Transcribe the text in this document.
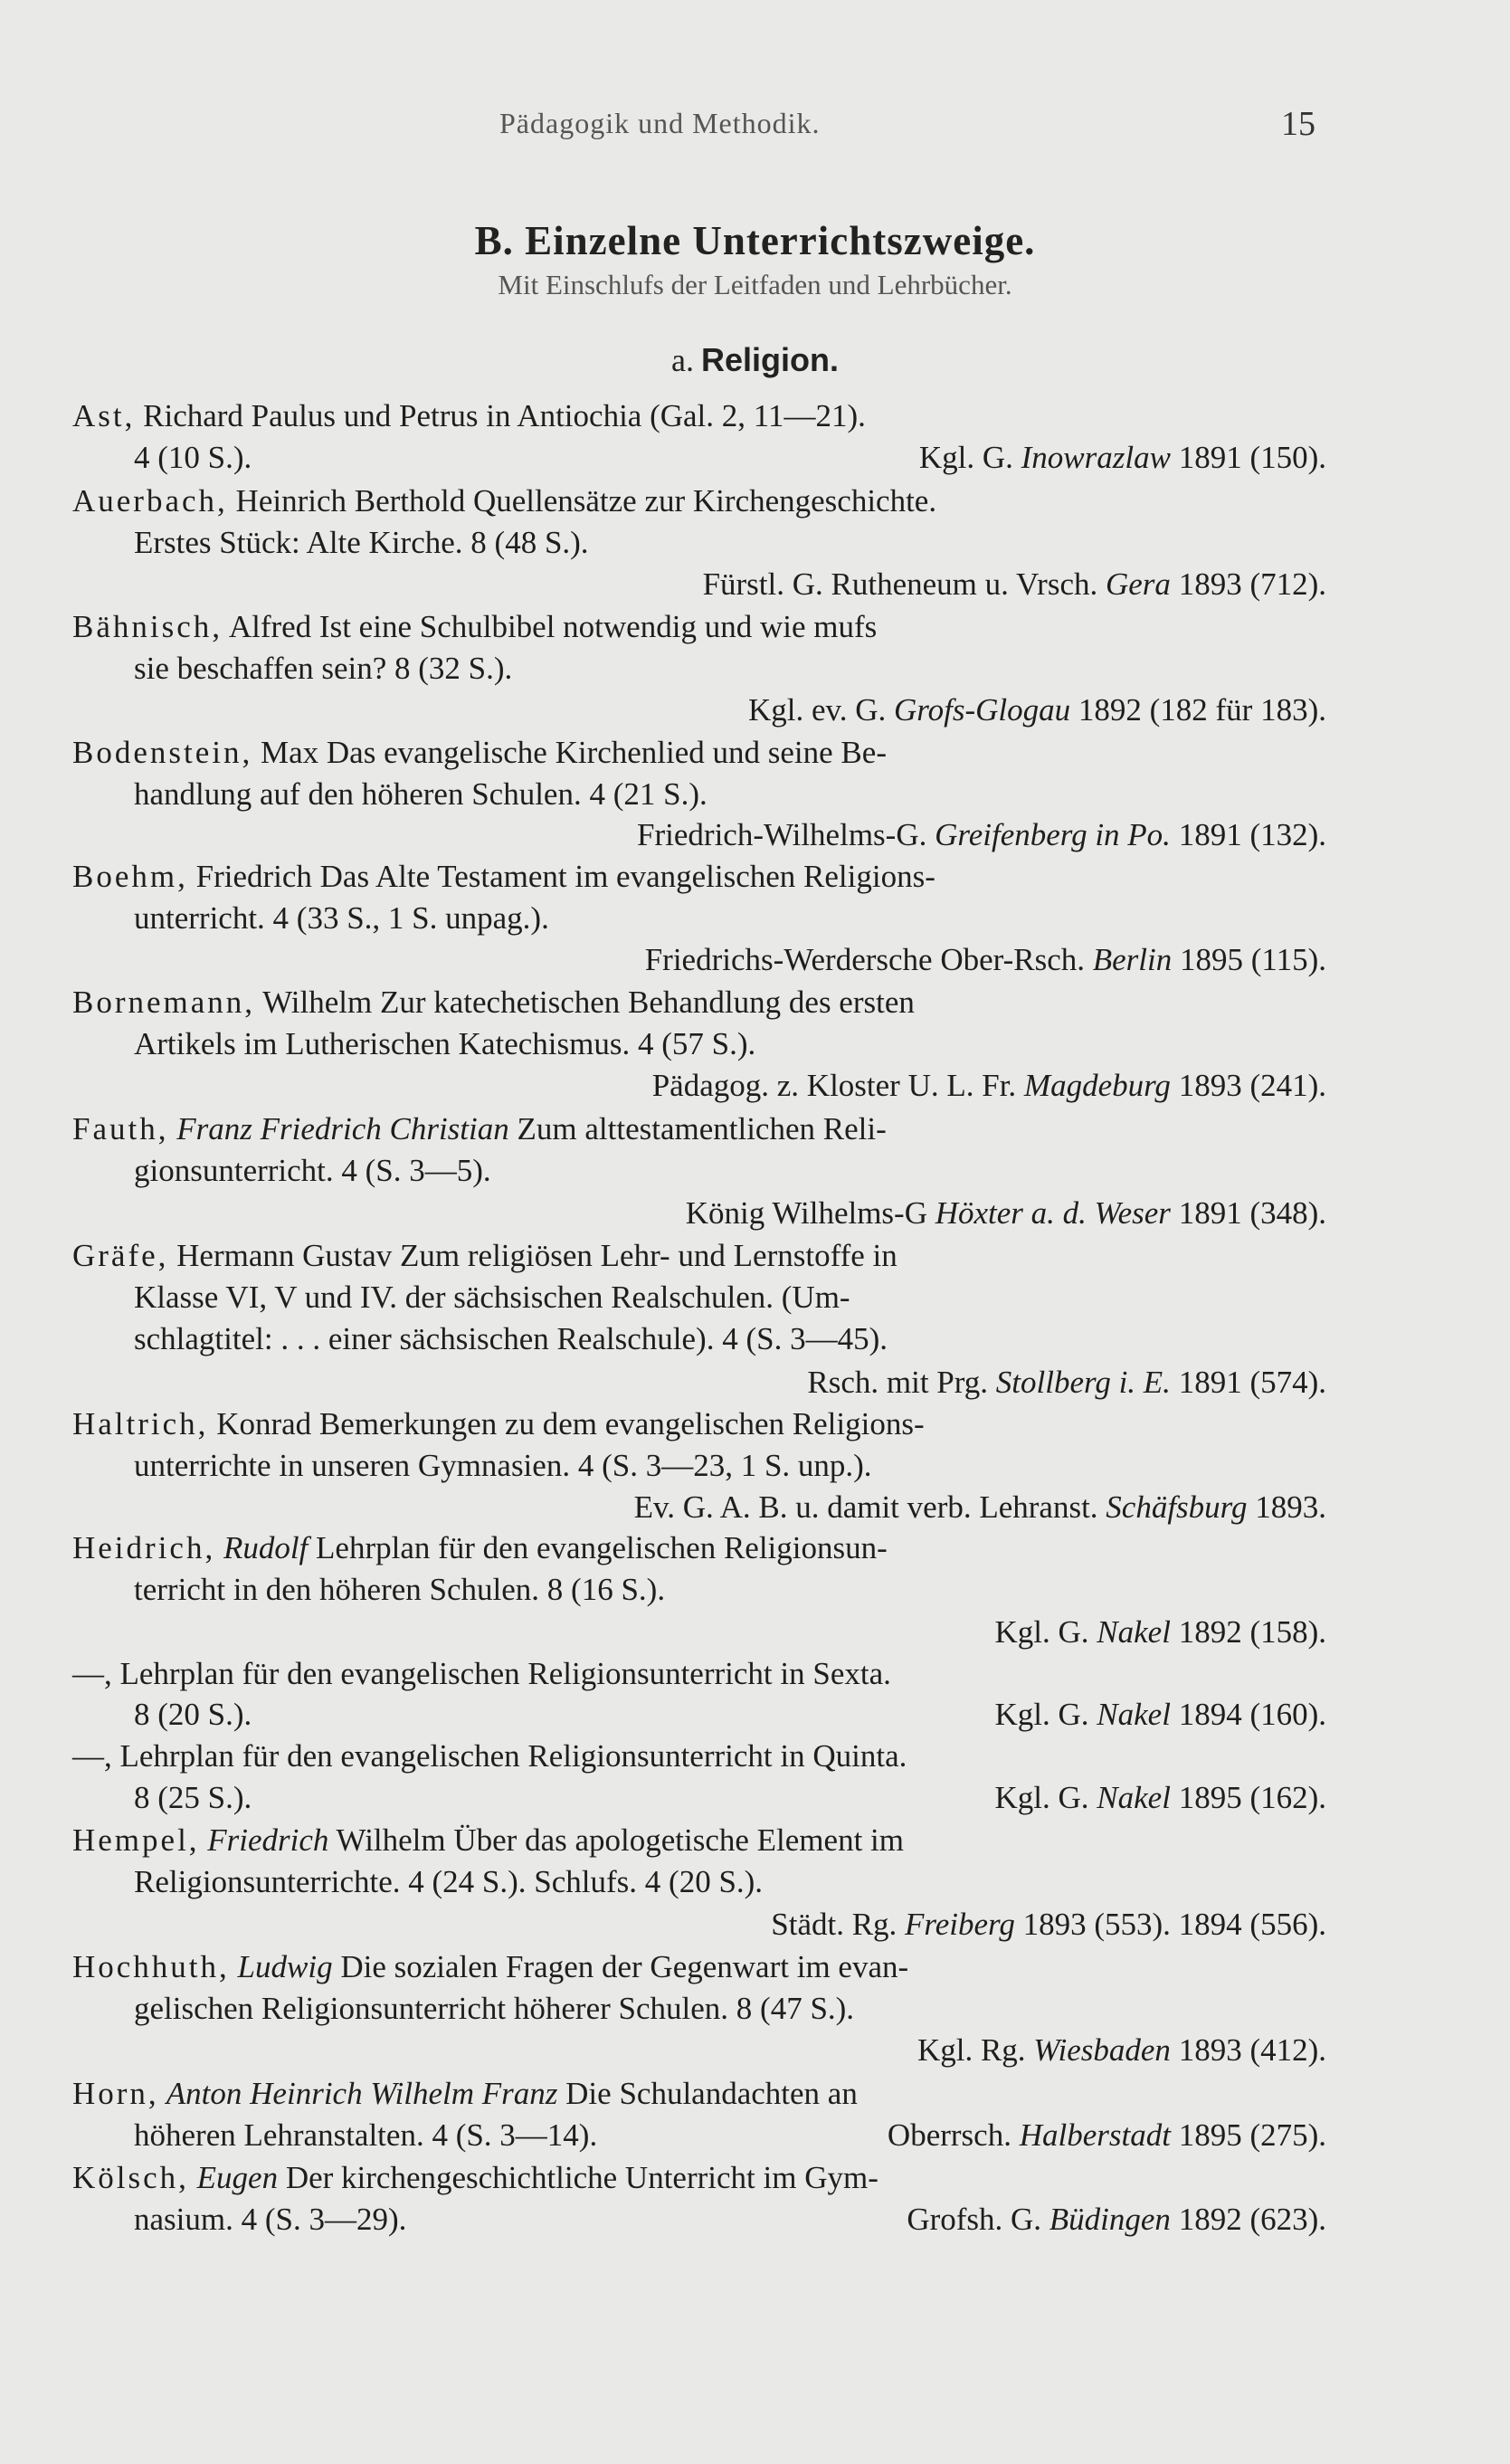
Pädagogik und Methodik.	15
B. Einzelne Unterrichtszweige.
Mit Einschlufs der Leitfaden und Lehrbücher.
a. Religion.
Ast, Richard Paulus und Petrus in Antiochia (Gal. 2, 11—21).
4 (10 S.).	Kgl. G. Inowrazlaw 1891 (150).
Auerbach, Heinrich Berthold Quellensätze zur Kirchengeschichte.
Erstes Stück: Alte Kirche. 8 (48 S.).
Fürstl. G. Rutheneum u. Vrsch. Gera 1893 (712).
Bähnisch, Alfred Ist eine Schulbibel notwendig und wie mufs
sie beschaffen sein? 8 (32 S.).
Kgl. ev. G. Grofs-Glogau 1892 (182 für 183).
Bodenstein, Max Das evangelische Kirchenlied und seine Be-
handlung auf den höheren Schulen. 4 (21 S.).
Friedrich-Wilhelms-G. Greifenberg in Po. 1891 (132).
Boehm, Friedrich Das Alte Testament im evangelischen Religions-
unterricht. 4 (33 S., 1 S. unpag.).
Friedrichs-Werdersche Ober-Rsch. Berlin 1895 (115).
Bornemann, Wilhelm Zur katechetischen Behandlung des ersten
Artikels im Lutherischen Katechismus. 4 (57 S.).
Pädagog. z. Kloster U. L. Fr. Magdeburg 1893 (241).
Fauth, Franz Friedrich Christian Zum alttestamentlichen Reli-
gionsunterricht. 4 (S. 3—5).
König Wilhelms-G Höxter a. d. Weser 1891 (348).
Gräfe, Hermann Gustav Zum religiösen Lehr- und Lernstoffe in
Klasse VI, V und IV. der sächsischen Realschulen. (Um-
schlagtitel: . . . einer sächsischen Realschule). 4 (S. 3—45).
Rsch. mit Prg. Stollberg i. E. 1891 (574).
Haltrich, Konrad Bemerkungen zu dem evangelischen Religions-
unterrichte in unseren Gymnasien. 4 (S. 3—23, 1 S. unp.).
Ev. G. A. B. u. damit verb. Lehranst. Schäfsburg 1893.
Heidrich, Rudolf Lehrplan für den evangelischen Religionsun-
terricht in den höheren Schulen. 8 (16 S.).
Kgl. G. Nakel 1892 (158).
—, Lehrplan für den evangelischen Religionsunterricht in Sexta.
8 (20 S.).	Kgl. G. Nakel 1894 (160).
—, Lehrplan für den evangelischen Religionsunterricht in Quinta.
8 (25 S.).	Kgl. G. Nakel 1895 (162).
Hempel, Friedrich Wilhelm Über das apologetische Element im
Religionsunterrichte. 4 (24 S.). Schlufs. 4 (20 S.).
Städt. Rg. Freiberg 1893 (553). 1894 (556).
Hochhuth, Ludwig Die sozialen Fragen der Gegenwart im evan-
gelischen Religionsunterricht höherer Schulen. 8 (47 S.).
Kgl. Rg. Wiesbaden 1893 (412).
Horn, Anton Heinrich Wilhelm Franz Die Schulandachten an
höheren Lehranstalten. 4 (S. 3—14).	Oberrsch. Halberstadt 1895 (275).
Kölsch, Eugen Der kirchengeschichtliche Unterricht im Gym-
nasium. 4 (S. 3—29).	Grofsh. G. Büdingen 1892 (623).
